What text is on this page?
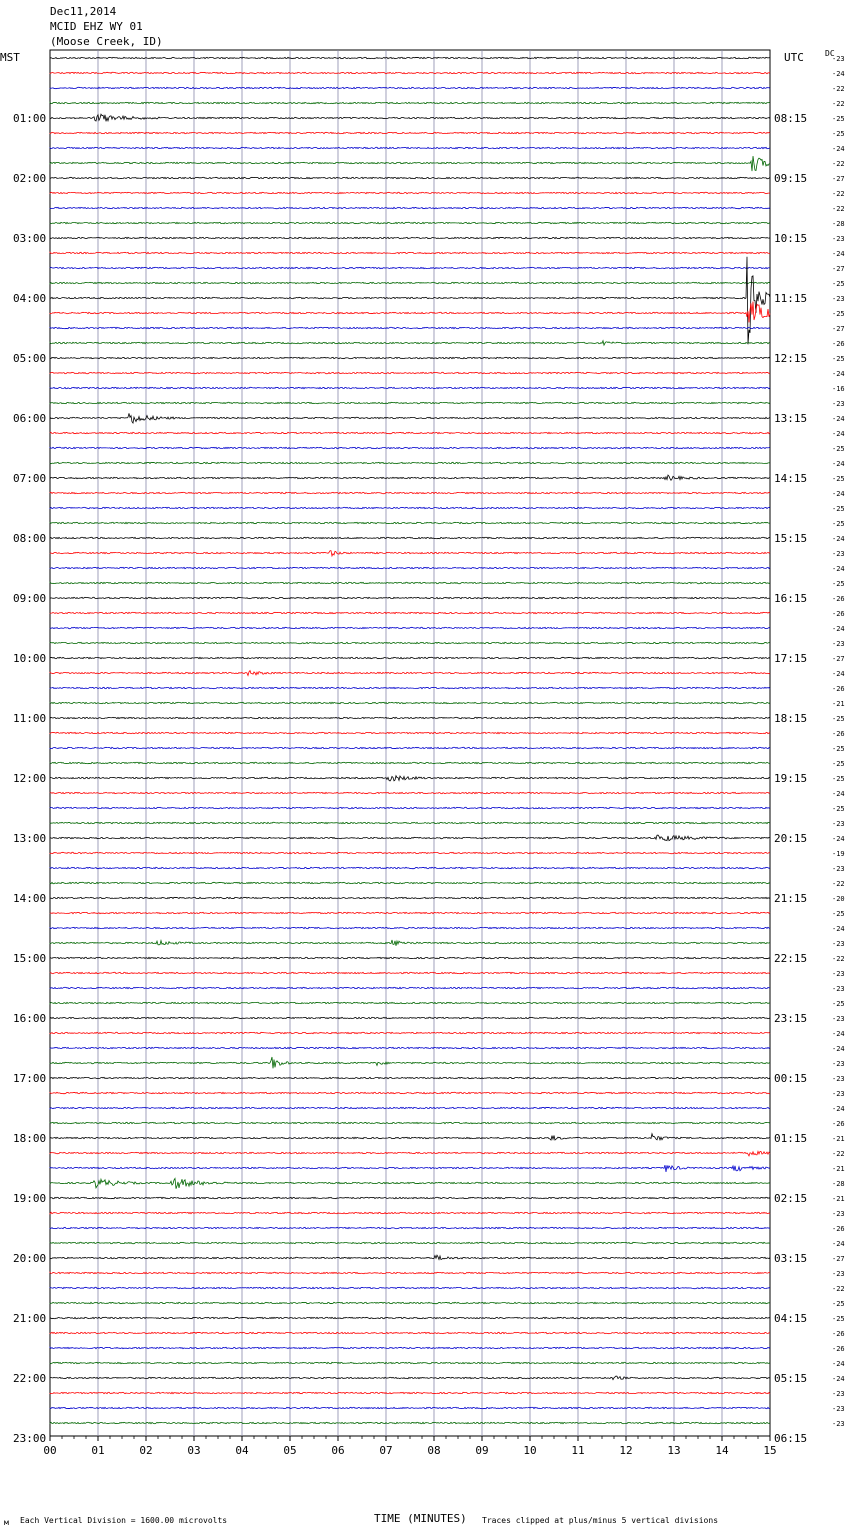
Dec11,2014
MCID EHZ WY 01
(Moose Creek, ID)
MST	UTC	DC
-23
-24
-22
-22
-25
-25
-24
-22
-27
-22
-22
-28
-23
-24
-27
-25
-23
-25
-27
-26
-25
-24
-16
-23
-24
-24
-25
-24
-25
-24
-25
-25
-24
-23
-24
-25
-26
-26
-24
-23
-27
-24
-26
-21
-25
-26
-25
-25
-25
-24
-25
-23
-24
-19
-23
-22
-20
-25
-24
-23
-22
-23
-23
-25
-23
-24
-24
-23
-23
-23
-24
-26
-21
-22
-21
-28
-21
-23
-26
-24
-27
-23
-22
-25
-25
-26
-26
-24
-24
-23
-23
-23
01:00	08:15
02:00	09:15
03:00	10:15
04:00	11:15
05:00	12:15
06:00	13:15
07:00	14:15
08:00	15:15
09:00	16:15
10:00	17:15
11:00	18:15
12:00	19:15
13:00	20:15
14:00	21:15
15:00	22:15
16:00	23:15
17:00	00:15
18:00	01:15
19:00	02:15
20:00	03:15
21:00	04:15
22:00	05:15
23:00	06:15
00	01	02	03	04	05	06	07	08	09	10	11	12	13	14	15
м Each Vertical Division = 1600.00 microvolts	TIME (MINUTES) Traces clipped at plus/minus 5 vertical divisions
